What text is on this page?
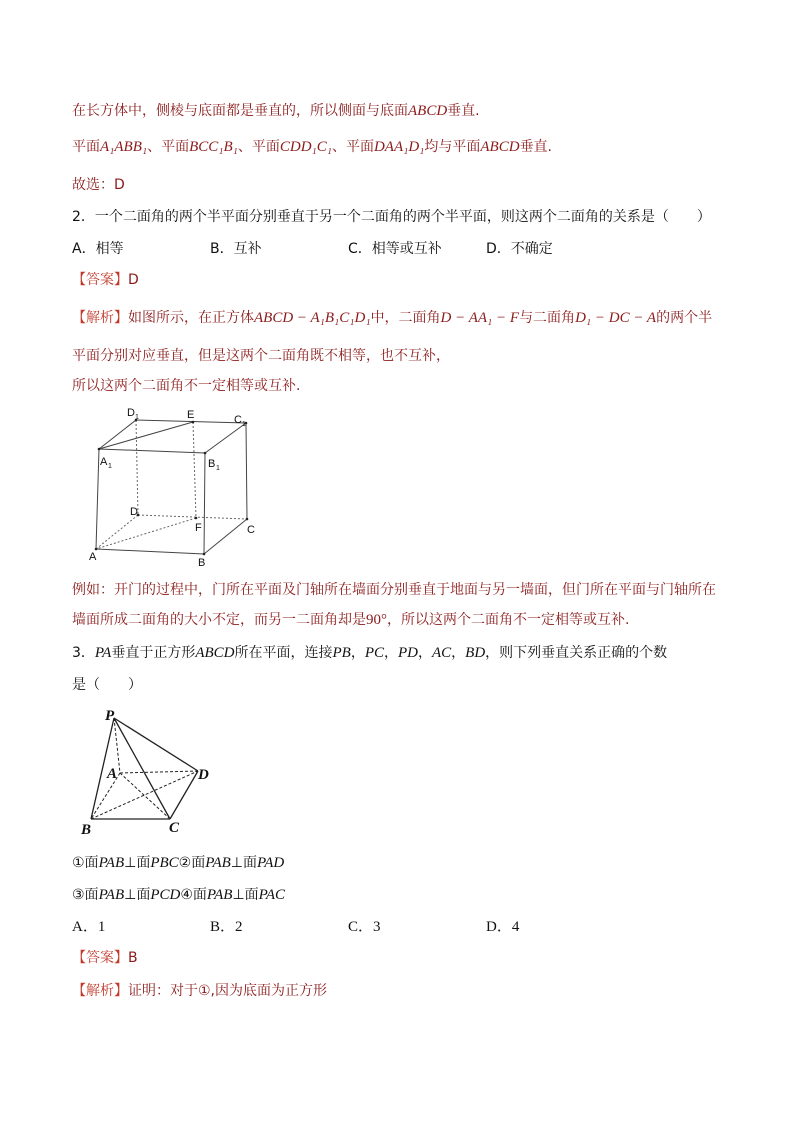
在长方体中，侧棱与底面都是垂直的，所以侧面与底面ABCD垂直.
平面A₁ABB₁、平面BCC₁B₁、平面CDD₁C₁、平面DAA₁D₁均与平面ABCD垂直.
故选：D
2．一个二面角的两个半平面分别垂直于另一个二面角的两个半平面，则这两个二面角的关系是（　　）
A．相等	B．互补	C．相等或互补	D．不确定
【答案】D
【解析】如图所示，在正方体ABCD − A₁B₁C₁D₁中，二面角D − AA₁ − F与二面角D₁ − DC − A的两个半
平面分别对应垂直，但是这两个二面角既不相等，也不互补，
所以这两个二面角不一定相等或互补.
D 1	E	C 1
A 1	B 1
D
F	C
A	B
例如：开门的过程中，门所在平面及门轴所在墙面分别垂直于地面与另一墙面，但门所在平面与门轴所在
墙面所成二面角的大小不定，而另一二面角却是90°，所以这两个二面角不一定相等或互补.
3．PA垂直于正方形ABCD所在平面，连接PB，PC，PD，AC，BD，则下列垂直关系正确的个数
是（　　）
P
A	D
B	C
①面PAB⊥面PBC②面PAB⊥面PAD
③面PAB⊥面PCD④面PAB⊥面PAC
A．1	B．2	C．3	D．4
【答案】B
【解析】证明：对于①,因为底面为正方形
